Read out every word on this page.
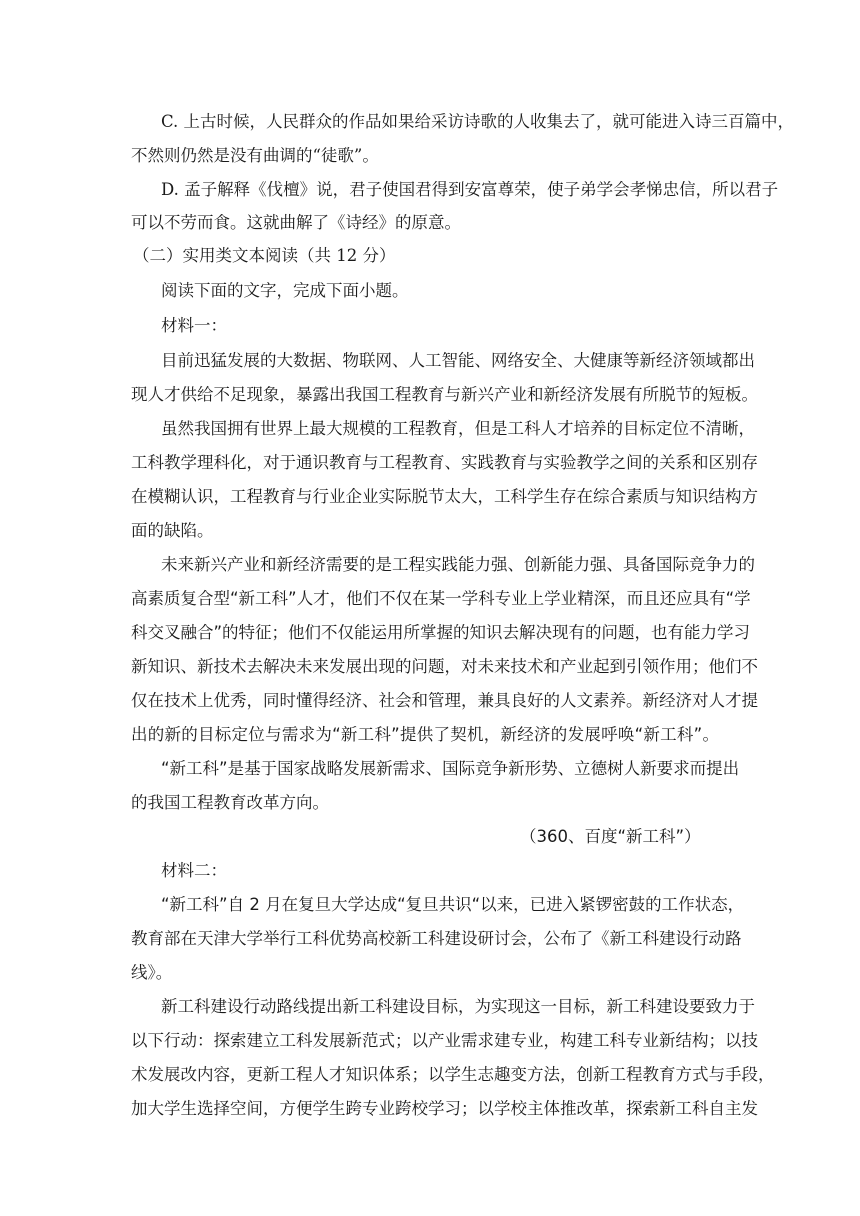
C. 上古时候，人民群众的作品如果给采访诗歌的人收集去了，就可能进入诗三百篇中，
不然则仍然是没有曲调的“徒歌”。
D. 孟子解释《伐檀》说，君子使国君得到安富尊荣，使子弟学会孝悌忠信，所以君子
可以不劳而食。这就曲解了《诗经》的原意。
（二）实用类文本阅读（共 12 分）
阅读下面的文字，完成下面小题。
材料一：
目前迅猛发展的大数据、物联网、人工智能、网络安全、大健康等新经济领域都出
现人才供给不足现象，暴露出我国工程教育与新兴产业和新经济发展有所脱节的短板。
虽然我国拥有世界上最大规模的工程教育，但是工科人才培养的目标定位不清晰，
工科教学理科化，对于通识教育与工程教育、实践教育与实验教学之间的关系和区别存
在模糊认识，工程教育与行业企业实际脱节太大，工科学生存在综合素质与知识结构方
面的缺陷。
未来新兴产业和新经济需要的是工程实践能力强、创新能力强、具备国际竞争力的
高素质复合型“新工科”人才，他们不仅在某一学科专业上学业精深，而且还应具有“学
科交叉融合”的特征；他们不仅能运用所掌握的知识去解决现有的问题，也有能力学习
新知识、新技术去解决未来发展出现的问题，对未来技术和产业起到引领作用；他们不
仅在技术上优秀，同时懂得经济、社会和管理，兼具良好的人文素养。新经济对人才提
出的新的目标定位与需求为“新工科”提供了契机，新经济的发展呼唤“新工科”。
“新工科”是基于国家战略发展新需求、国际竞争新形势、立德树人新要求而提出
的我国工程教育改革方向。
（360、百度“新工科”）
材料二：
“新工科”自 2 月在复旦大学达成“复旦共识“以来，已进入紧锣密鼓的工作状态，
教育部在天津大学举行工科优势高校新工科建设研讨会，公布了《新工科建设行动路
线》。
新工科建设行动路线提出新工科建设目标，为实现这一目标，新工科建设要致力于
以下行动：探索建立工科发展新范式；以产业需求建专业，构建工科专业新结构；以技
术发展改内容，更新工程人才知识体系；以学生志趣变方法，创新工程教育方式与手段，
加大学生选择空间，方便学生跨专业跨校学习；以学校主体推改革，探索新工科自主发
